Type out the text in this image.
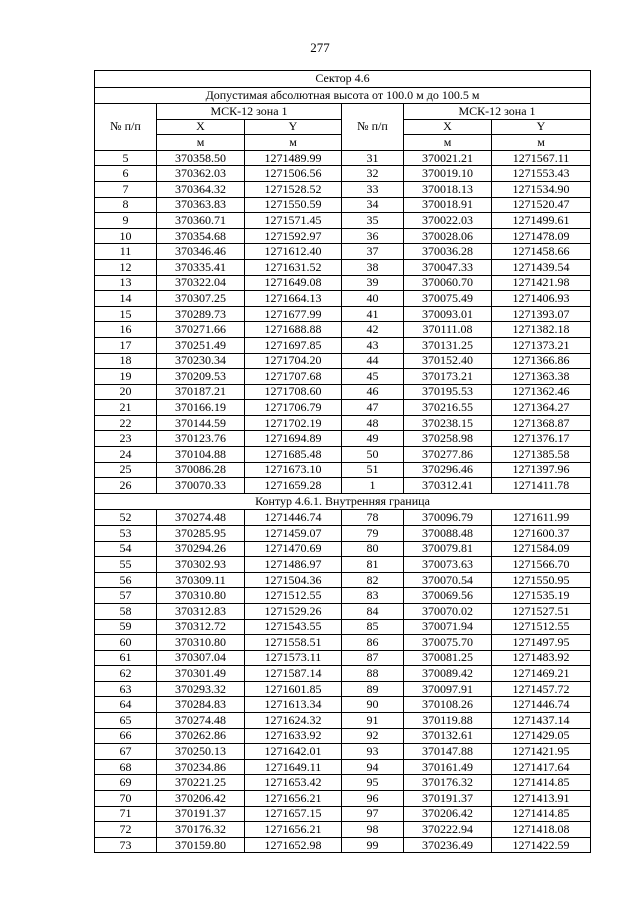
277
Сектор 4.6					
Допустимая абсолютная высота от 100.0 м до 100.5 м					
№ п/п	МСК-12 зона 1		№ п/п	МСК-12 зона 1	
	X	Y		X	Y
	м	м		м	м
5	370358.50	1271489.99	31	370021.21	1271567.11
6	370362.03	1271506.56	32	370019.10	1271553.43
7	370364.32	1271528.52	33	370018.13	1271534.90
8	370363.83	1271550.59	34	370018.91	1271520.47
9	370360.71	1271571.45	35	370022.03	1271499.61
10	370354.68	1271592.97	36	370028.06	1271478.09
11	370346.46	1271612.40	37	370036.28	1271458.66
12	370335.41	1271631.52	38	370047.33	1271439.54
13	370322.04	1271649.08	39	370060.70	1271421.98
14	370307.25	1271664.13	40	370075.49	1271406.93
15	370289.73	1271677.99	41	370093.01	1271393.07
16	370271.66	1271688.88	42	370111.08	1271382.18
17	370251.49	1271697.85	43	370131.25	1271373.21
18	370230.34	1271704.20	44	370152.40	1271366.86
19	370209.53	1271707.68	45	370173.21	1271363.38
20	370187.21	1271708.60	46	370195.53	1271362.46
21	370166.19	1271706.79	47	370216.55	1271364.27
22	370144.59	1271702.19	48	370238.15	1271368.87
23	370123.76	1271694.89	49	370258.98	1271376.17
24	370104.88	1271685.48	50	370277.86	1271385.58
25	370086.28	1271673.10	51	370296.46	1271397.96
26	370070.33	1271659.28	1	370312.41	1271411.78
Контур 4.6.1. Внутренняя граница					
52	370274.48	1271446.74	78	370096.79	1271611.99
53	370285.95	1271459.07	79	370088.48	1271600.37
54	370294.26	1271470.69	80	370079.81	1271584.09
55	370302.93	1271486.97	81	370073.63	1271566.70
56	370309.11	1271504.36	82	370070.54	1271550.95
57	370310.80	1271512.55	83	370069.56	1271535.19
58	370312.83	1271529.26	84	370070.02	1271527.51
59	370312.72	1271543.55	85	370071.94	1271512.55
60	370310.80	1271558.51	86	370075.70	1271497.95
61	370307.04	1271573.11	87	370081.25	1271483.92
62	370301.49	1271587.14	88	370089.42	1271469.21
63	370293.32	1271601.85	89	370097.91	1271457.72
64	370284.83	1271613.34	90	370108.26	1271446.74
65	370274.48	1271624.32	91	370119.88	1271437.14
66	370262.86	1271633.92	92	370132.61	1271429.05
67	370250.13	1271642.01	93	370147.88	1271421.95
68	370234.86	1271649.11	94	370161.49	1271417.64
69	370221.25	1271653.42	95	370176.32	1271414.85
70	370206.42	1271656.21	96	370191.37	1271413.91
71	370191.37	1271657.15	97	370206.42	1271414.85
72	370176.32	1271656.21	98	370222.94	1271418.08
73	370159.80	1271652.98	99	370236.49	1271422.59
